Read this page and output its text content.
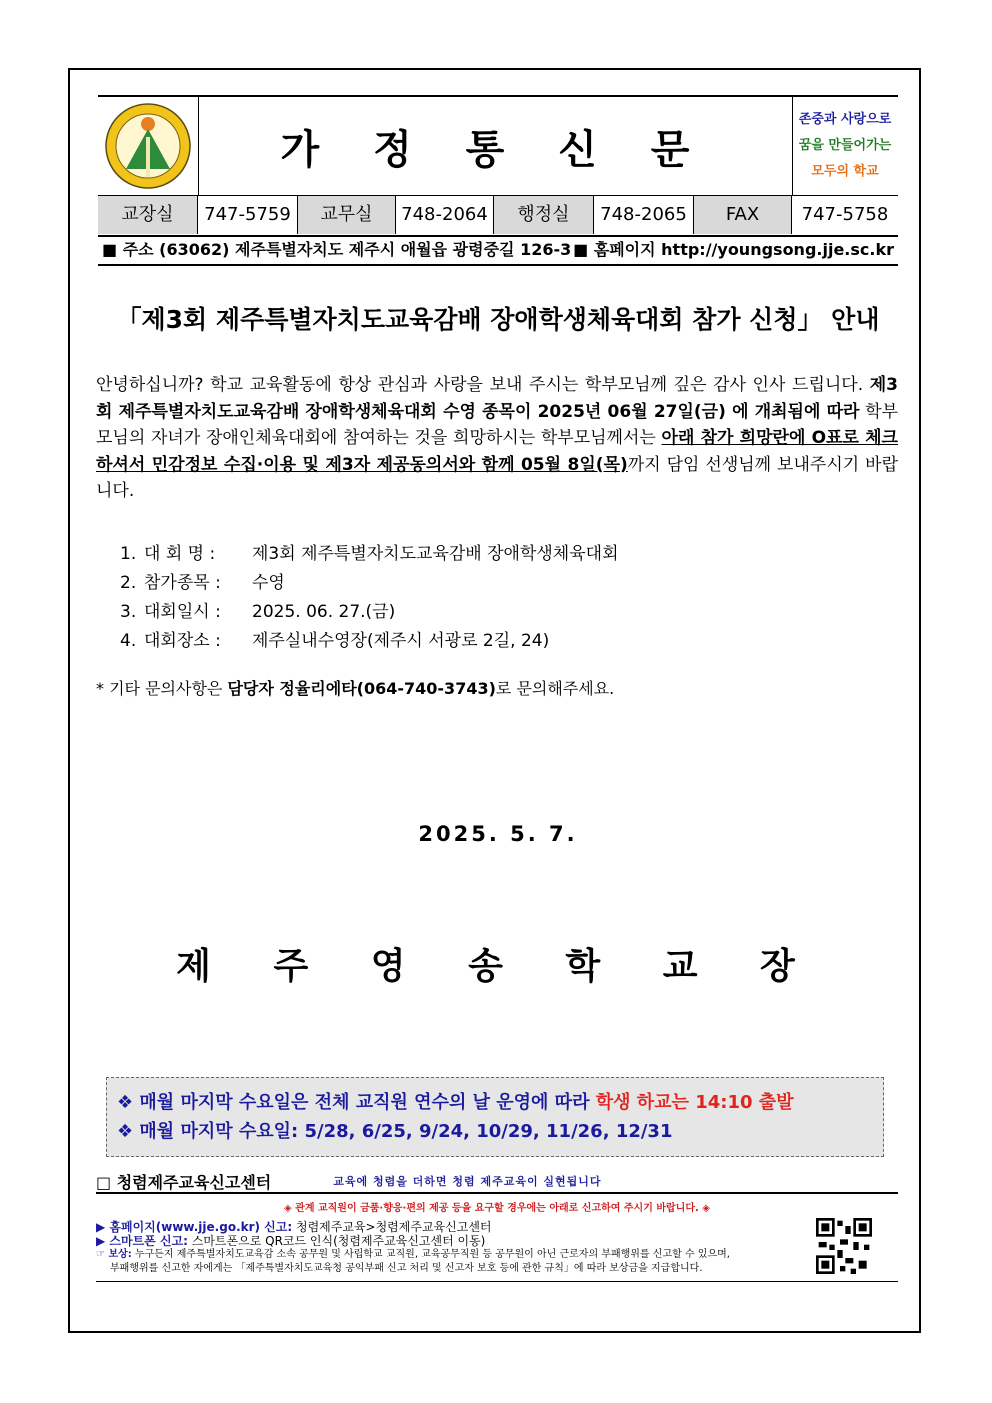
가 정 통 신 문
존중과 사랑으로
꿈을 만들어가는
모두의 학교
교장실	747-5759	교무실	748-2064	행정실	748-2065	FAX	747-5758
■ 주소 (63062) 제주특별자치도 제주시 애월읍 광령중길 126-3 ■ 홈페이지 http://youngsong.jje.sc.kr
「제3회 제주특별자치도교육감배 장애학생체육대회 참가 신청」 안내
안녕하십니까? 학교 교육활동에 항상 관심과 사랑을 보내 주시는 학부모님께 깊은 감사 인사 드립니다. 제3회 제주특별자치도교육감배 장애학생체육대회 수영 종목이 2025년 06월 27일(금) 에 개최됨에 따라 학부모님의 자녀가 장애인체육대회에 참여하는 것을 희망하시는 학부모님께서는 아래 참가 희망란에 O표로 체크하셔서 민감정보 수집·이용 및 제3자 제공동의서와 함께 05월 8일(목)까지 담임 선생님께 보내주시기 바랍니다.
1. 대 회 명 :	제3회 제주특별자치도교육감배 장애학생체육대회
2. 참가종목 :	수영
3. 대회일시 :	2025. 06. 27.(금)
4. 대회장소 :	제주실내수영장(제주시 서광로 2길, 24)
* 기타 문의사항은 담당자 정율리에타(064-740-3743)로 문의해주세요.
2025. 5. 7.
제 주 영 송 학 교 장
❖ 매월 마지막 수요일은 전체 교직원 연수의 날 운영에 따라 학생 하교는 14:10 출발
❖ 매월 마지막 수요일: 5/28, 6/25, 9/24, 10/29, 11/26, 12/31
□ 청렴제주교육신고센터	교육에 청렴을 더하면 청렴 제주교육이 실현됩니다
◈ 관계 교직원이 금품·향응·편의 제공 등을 요구할 경우에는 아래로 신고하여 주시기 바랍니다. ◈
▶ 홈페이지(www.jje.go.kr) 신고: 청렴제주교육>청렴제주교육신고센터
▶ 스마트폰 신고: 스마트폰으로 QR코드 인식(청렴제주교육신고센터 이동)
☞ 보상: 누구든지 제주특별자치도교육감 소속 공무원 및 사립학교 교직원, 교육공무직원 등 공무원이 아닌 근로자의 부패행위를 신고할 수 있으며,
부패행위를 신고한 자에게는 「제주특별자치도교육청 공익부패 신고 처리 및 신고자 보호 등에 관한 규칙」에 따라 보상금을 지급합니다.
